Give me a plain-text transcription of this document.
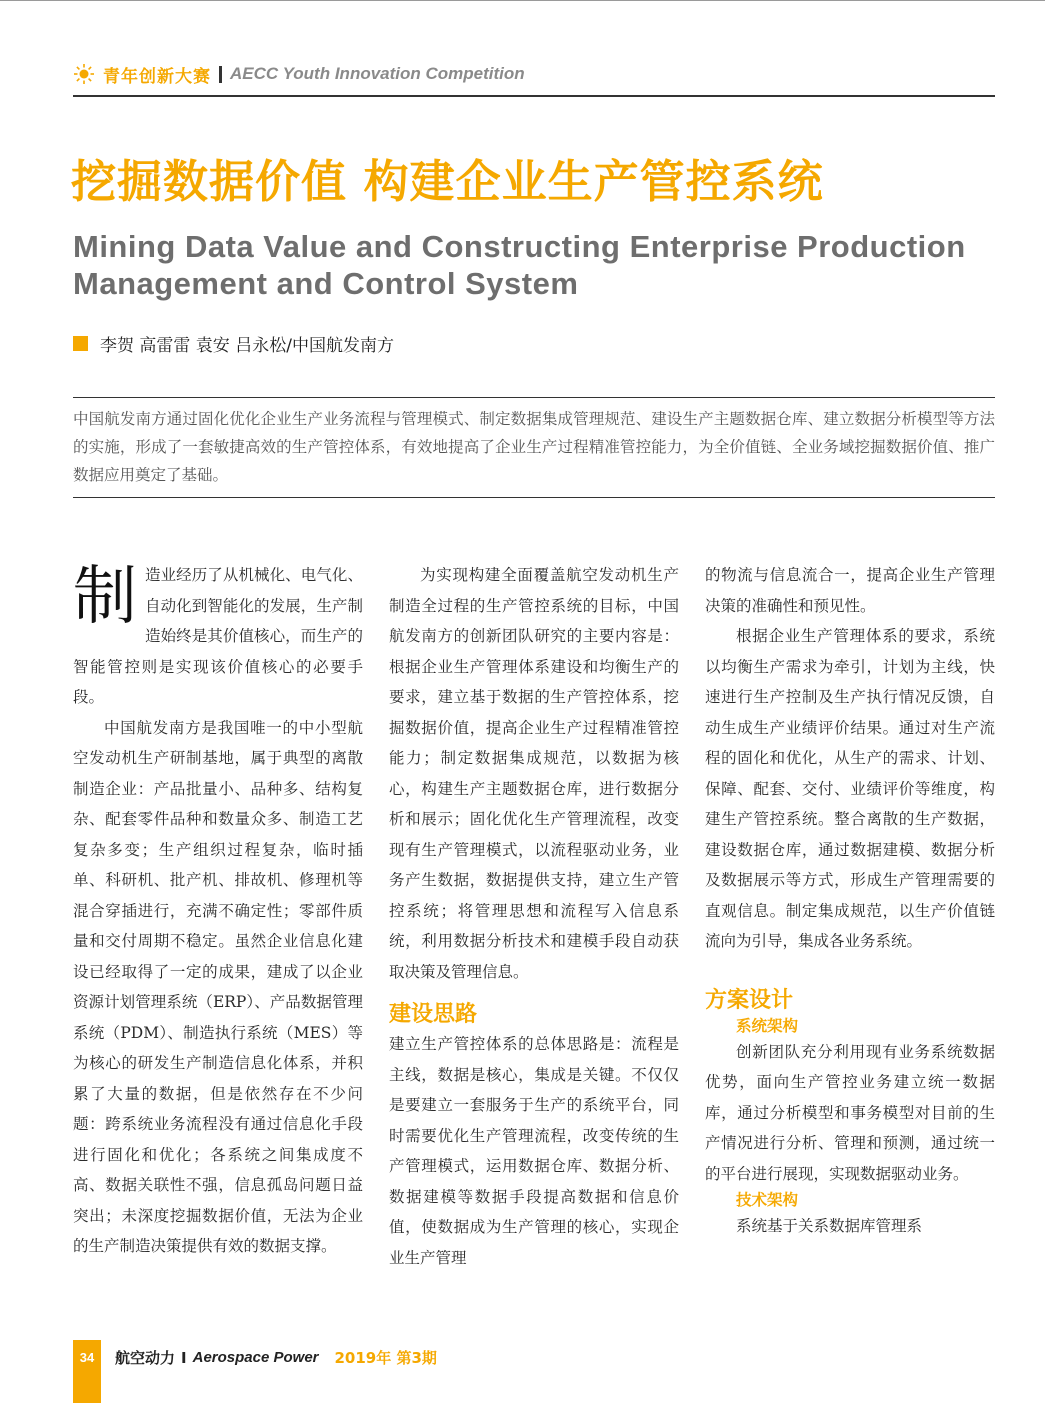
青年创新大赛 AECC Youth Innovation Competition
挖掘数据价值 构建企业生产管控系统
Mining Data Value and Constructing Enterprise Production Management and Control System
李贺 高雷雷 袁安 吕永松/中国航发南方
中国航发南方通过固化优化企业生产业务流程与管理模式、制定数据集成管理规范、建设生产主题数据仓库、建立数据分析模型等方法的实施，形成了一套敏捷高效的生产管控体系，有效地提高了企业生产过程精准管控能力，为全价值链、全业务域挖掘数据价值、推广数据应用奠定了基础。
制 造业经历了从机械化、电气化、自动化到智能化的发展，生产制造始终是其价值核心，而生产的智能管控则是实现该价值核心的必要手段。

中国航发南方是我国唯一的中小型航空发动机生产研制基地，属于典型的离散制造企业：产品批量小、品种多、结构复杂、配套零件品种和数量众多、制造工艺复杂多变；生产组织过程复杂，临时插单、科研机、批产机、排故机、修理机等混合穿插进行，充满不确定性；零部件质量和交付周期不稳定。虽然企业信息化建设已经取得了一定的成果，建成了以企业资源计划管理系统（ERP）、产品数据管理系统（PDM）、制造执行系统（MES）等为核心的研发生产制造信息化体系，并积累了大量的数据，但是依然存在不少问题：跨系统业务流程没有通过信息化手段进行固化和优化；各系统之间集成度不高、数据关联性不强，信息孤岛问题日益突出；未深度挖掘数据价值，无法为企业的生产制造决策提供有效的数据支撑。

为实现构建全面覆盖航空发动机生产制造全过程的生产管控系统的目标，中国航发南方的创新团队研究的主要内容是：根据企业生产管理体系建设和均衡生产的要求，建立基于数据的生产管控体系，挖掘数据价值，提高企业生产过程精准管控能力；制定数据集成规范，以数据为核心，构建生产主题数据仓库，进行数据分析和展示；固化优化生产管理流程，改变现有生产管理模式，以流程驱动业务，业务产生数据，数据提供支持，建立生产管控系统；将管理思想和流程写入信息系统，利用数据分析技术和建模手段自动获取决策及管理信息。

建设思路

建立生产管控体系的总体思路是：流程是主线，数据是核心，集成是关键。不仅仅是要建立一套服务于生产的系统平台，同时需要优化生产管理流程，改变传统的生产管理模式，运用数据仓库、数据分析、数据建模等数据手段提高数据和信息价值，使数据成为生产管理的核心，实现企业生产管理

的物流与信息流合一，提高企业生产管理决策的准确性和预见性。

根据企业生产管理体系的要求，系统以均衡生产需求为牵引，计划为主线，快速进行生产控制及生产执行情况反馈，自动生成生产业绩评价结果。通过对生产流程的固化和优化，从生产的需求、计划、保障、配套、交付、业绩评价等维度，构建生产管控系统。整合离散的生产数据，建设数据仓库，通过数据建模、数据分析及数据展示等方式，形成生产管理需要的直观信息。制定集成规范，以生产价值链流向为引导，集成各业务系统。

方案设计
系统架构

创新团队充分利用现有业务系统数据优势，面向生产管控业务建立统一数据库，通过分析模型和事务模型对目前的生产情况进行分析、管理和预测，通过统一的平台进行展现，实现数据驱动业务。

技术架构

系统基于关系数据库管理系

34	航空动力 I Aerospace Power 2019年 第3期
